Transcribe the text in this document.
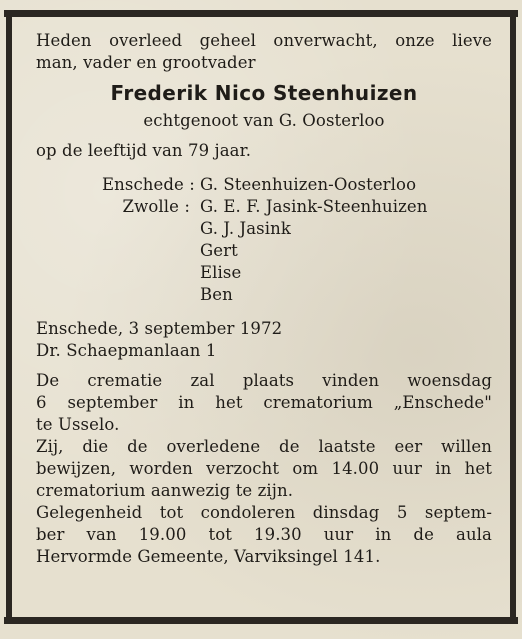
Heden overleed geheel onverwacht, onze lieve
man, vader en grootvader
Frederik Nico Steenhuizen
echtgenoot van G. Oosterloo
op de leeftijd van 79 jaar.
Enschede : G. Steenhuizen-Oosterloo
Zwolle : G. E. F. Jasink-Steenhuizen
G. J. Jasink
Gert
Elise
Ben
Enschede, 3 september 1972
Dr. Schaepmanlaan 1
De crematie zal plaats vinden woensdag
6 september in het crematorium „Enschede"
te Usselo.
Zij, die de overledene de laatste eer willen
bewijzen, worden verzocht om 14.00 uur in het
crematorium aanwezig te zijn.
Gelegenheid tot condoleren dinsdag 5 septem-
ber van 19.00 tot 19.30 uur in de aula
Hervormde Gemeente, Varviksingel 141.
